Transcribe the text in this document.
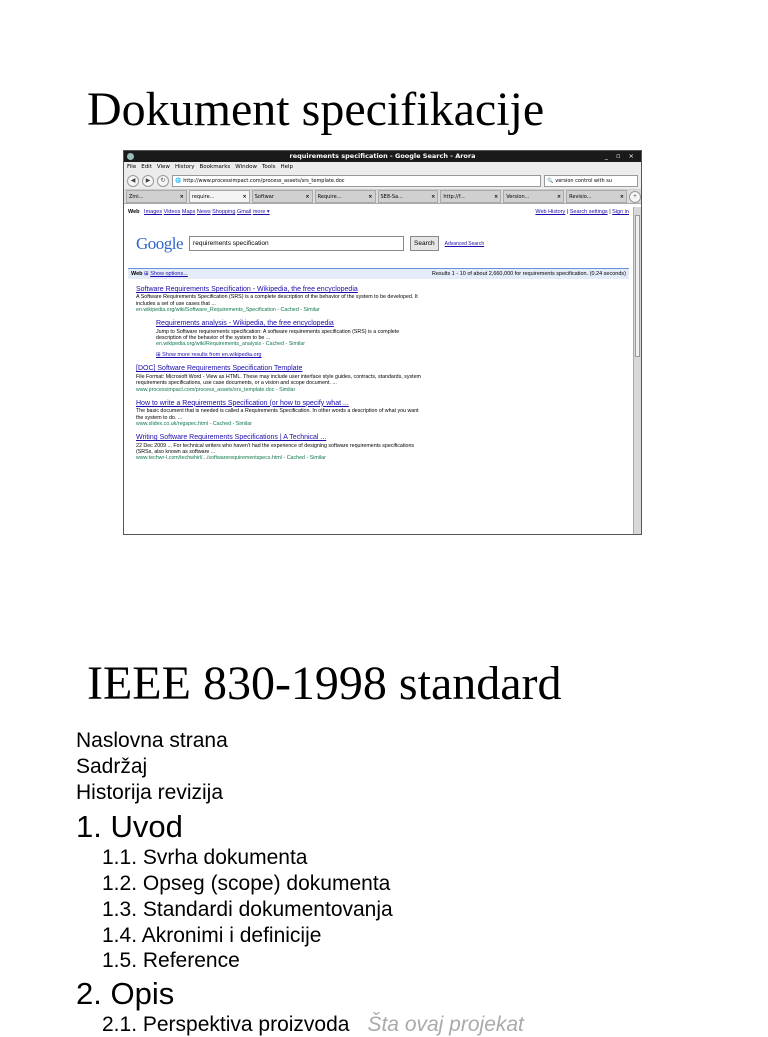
Dokument specifikacije
requirements specification - Google Search - Arora	_ ▫ ×
File Edit View History Bookmarks Window Tools Help
◀	▶	↻	🌐 http://www.processimpact.com/process_assets/srs_template.doc	🔍 version control with su
Zmi...	× require...	× Softwar	× Require...	× SE8-Sa...	× http://f...	× Version...	× Revisio...	×	+
Web Images Videos Maps News Shopping Gmail more ▾	Web History | Search settings | Sign in
Google	requirements specification	Search	Advanced Search
Web ⊞ Show options...	Results 1 - 10 of about 2,660,000 for requirements specification. (0.24 seconds)
Software Requirements Specification - Wikipedia, the free encyclopedia
A Software Requirements Specification (SRS) is a complete description of the behavior of the system to be developed. It includes a set of use cases that ...
en.wikipedia.org/wiki/Software_Requirements_Specification - Cached - Similar
Requirements analysis - Wikipedia, the free encyclopedia
Jump to Software requirements specification: A software requirements specification (SRS) is a complete description of the behavior of the system to be ...
en.wikipedia.org/wiki/Requirements_analysis - Cached - Similar
⊞ Show more results from en.wikipedia.org
[DOC] Software Requirements Specification Template
File Format: Microsoft Word - View as HTML. These may include user interface style guides, contracts, standards, system requirements specifications, use case documents, or a vision and scope document. ...
www.processimpact.com/process_assets/srs_template.doc - Similar
How to write a Requirements Specification (or how to specify what ...
The basic document that is needed is called a Requirements Specification. In other words a description of what you want the system to do. ...
www.slidex.co.uk/regspec.html - Cached - Similar
Writing Software Requirements Specifications | A Technical ...
22 Dec 2009 ... For technical writers who haven't had the experience of designing software requirements specifications (SRSs, also known as software ...
www.techwr-l.com/techwhirl/.../softwarerequirementspecs.html - Cached - Similar
IEEE 830-1998 standard
Naslovna strana
Sadržaj
Historija revizija
1. Uvod
1.1. Svrha dokumenta
1.2. Opseg (scope) dokumenta
1.3. Standardi dokumentovanja
1.4. Akronimi i definicije
1.5. Reference
2. Opis
2.1. Perspektiva proizvoda Šta ovaj projekat
